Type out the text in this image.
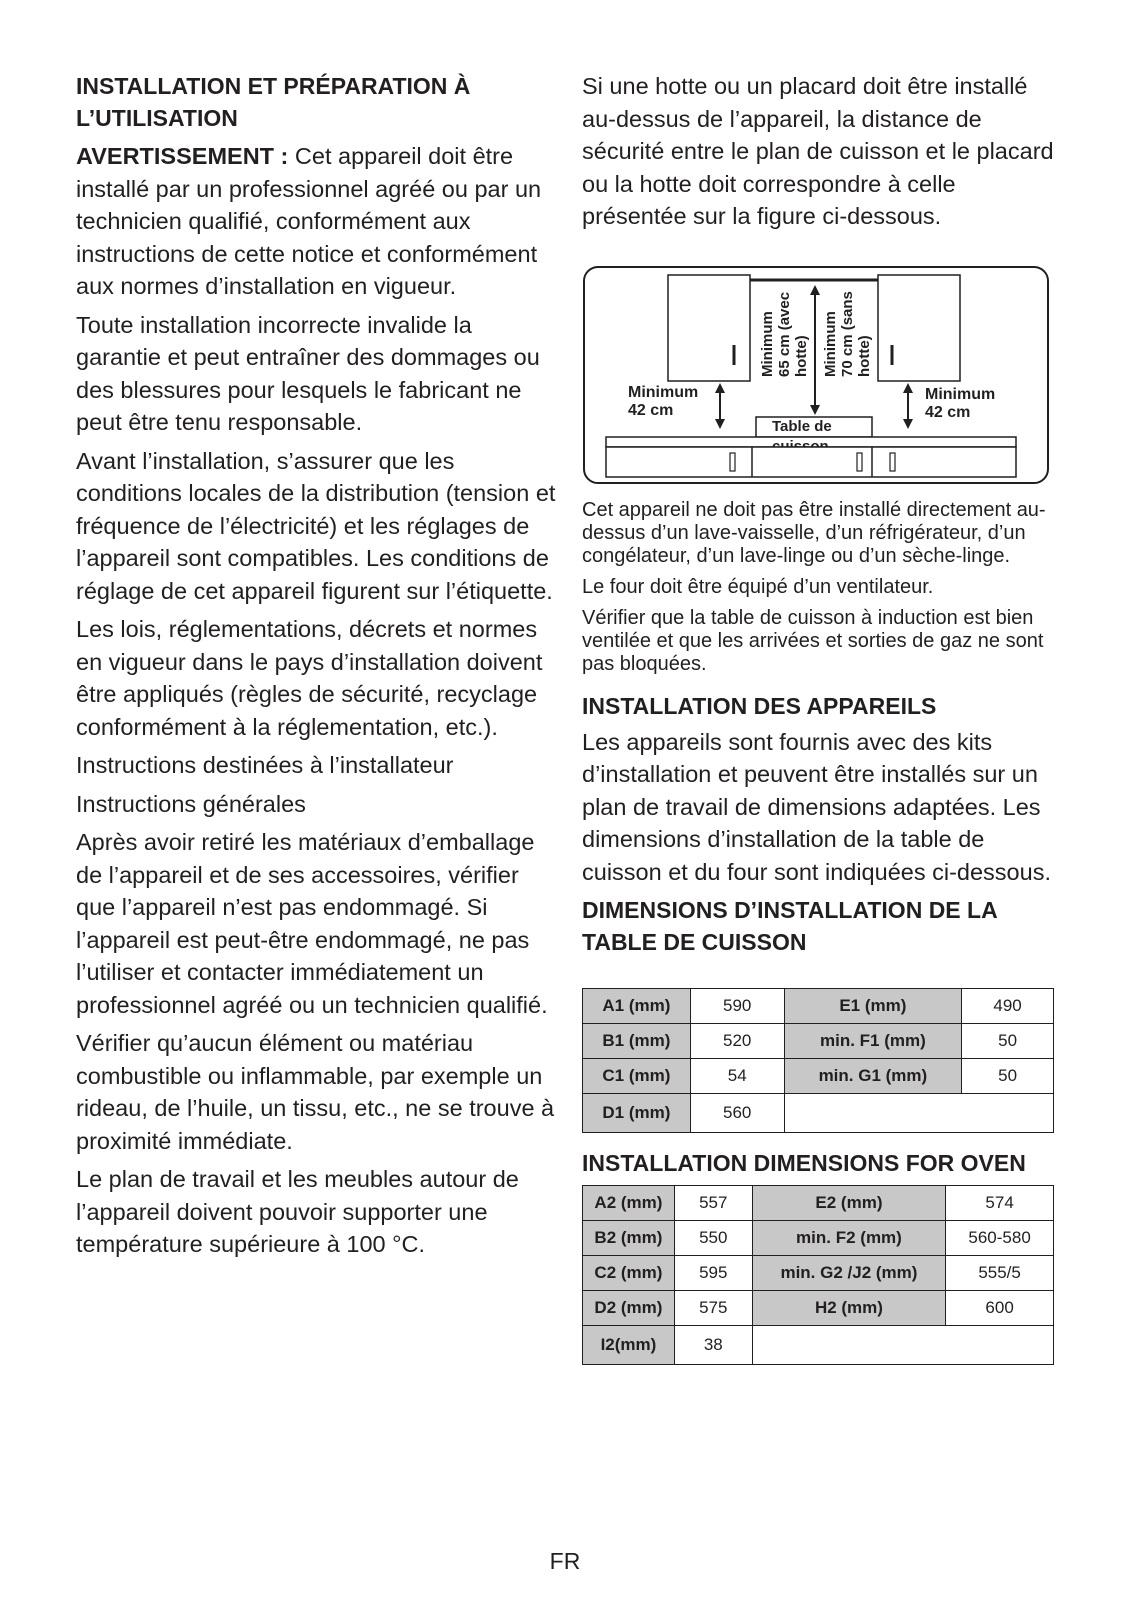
INSTALLATION ET PRÉPARATION À L’UTILISATION

AVERTISSEMENT : Cet appareil doit être installé par un professionnel agréé ou par un technicien qualifié, conformément aux instructions de cette notice et conformément aux normes d’installation en vigueur.

Toute installation incorrecte invalide la garantie et peut entraîner des dommages ou des blessures pour lesquels le fabricant ne peut être tenu responsable.

Avant l’installation, s’assurer que les conditions locales de la distribution (tension et fréquence de l’électricité) et les réglages de l’appareil sont compatibles. Les conditions de réglage de cet appareil figurent sur l’étiquette.

Les lois, réglementations, décrets et normes en vigueur dans le pays d’installation doivent être appliqués (règles de sécurité, recyclage conformément à la réglementation, etc.).

Instructions destinées à l’installateur

Instructions générales

Après avoir retiré les matériaux d’emballage de l’appareil et de ses accessoires, vérifier que l’appareil n’est pas endommagé. Si l’appareil est peut-être endommagé, ne pas l’utiliser et contacter immédiatement un professionnel agréé ou un technicien qualifié.

Vérifier qu’aucun élément ou matériau combustible ou inflammable, par exemple un rideau, de l’huile, un tissu, etc., ne se trouve à proximité immédiate.

Le plan de travail et les meubles autour de l’appareil doivent pouvoir supporter une température supérieure à 100 °C.

Si une hotte ou un placard doit être installé au-dessus de l’appareil, la distance de sécurité entre le plan de cuisson et le placard ou la hotte doit correspondre à celle présentée sur la figure ci-dessous.

Minimum
42 cm
Minimum
42 cm
Minimum 65 cm (avec hotte) Minimum 70 cm (sans hotte)
Table de

Cet appareil ne doit pas être installé directement au-dessus d’un lave-vaisselle, d’un réfrigérateur, d’un congélateur, d’un lave-linge ou d’un sèche-linge.

Le four doit être équipé d’un ventilateur.

Vérifier que la table de cuisson à induction est bien ventilée et que les arrivées et sorties de gaz ne sont pas bloquées.

INSTALLATION DES APPAREILS

Les appareils sont fournis avec des kits d’installation et peuvent être installés sur un plan de travail de dimensions adaptées. Les dimensions d’installation de la table de cuisson et du four sont indiquées ci-dessous.

DIMENSIONS D’INSTALLATION DE LA TABLE DE CUISSON
A1 (mm)	590	E1 (mm)	490
B1 (mm)	520	min. F1 (mm)	50
C1 (mm)	54	min. G1 (mm)	50
D1 (mm)	560		
INSTALLATION DIMENSIONS FOR OVEN
A2 (mm)	557	E2 (mm)	574
B2 (mm)	550	min. F2 (mm)	560-580
C2 (mm)	595	min. G2 /J2 (mm)	555/5
D2 (mm)	575	H2 (mm)	600
I2(mm)	38		
FR
